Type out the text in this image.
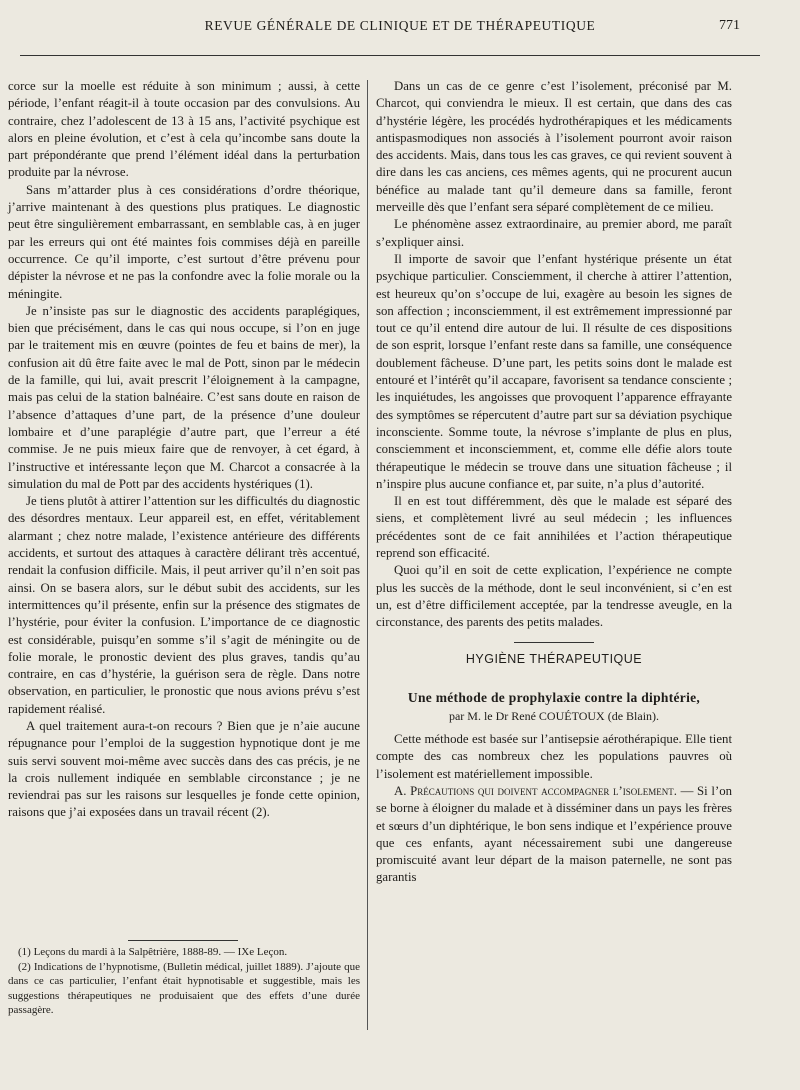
REVUE GÉNÉRALE DE CLINIQUE ET DE THÉRAPEUTIQUE	771

corce sur la moelle est réduite à son minimum ; aussi, à cette période, l’enfant réagit-il à toute occasion par des convulsions. Au contraire, chez l’adolescent de 13 à 15 ans, l’activité psychique est alors en pleine évolution, et c’est à cela qu’incombe sans doute la part prépondérante que prend l’élément idéal dans la perturbation produite par la névrose.

Sans m’attarder plus à ces considérations d’ordre théorique, j’arrive maintenant à des questions plus pratiques. Le diagnostic peut être singulièrement embarrassant, en semblable cas, à en juger par les erreurs qui ont été maintes fois commises déjà en pareille occurrence. Ce qu’il importe, c’est surtout d’être prévenu pour dépister la névrose et ne pas la confondre avec la folie morale ou la méningite.

Je n’insiste pas sur le diagnostic des accidents paraplégiques, bien que précisément, dans le cas qui nous occupe, si l’on en juge par le traitement mis en œuvre (pointes de feu et bains de mer), la confusion ait dû être faite avec le mal de Pott, sinon par le médecin de la famille, qui lui, avait prescrit l’éloignement à la campagne, mais pas celui de la station balnéaire. C’est sans doute en raison de l’absence d’attaques d’une part, de la présence d’une douleur lombaire et d’une paraplégie d’autre part, que l’erreur a été commise. Je ne puis mieux faire que de renvoyer, à cet égard, à l’instructive et intéressante leçon que M. Charcot a consacrée à la simulation du mal de Pott par des accidents hystériques (1).

Je tiens plutôt à attirer l’attention sur les difficultés du diagnostic des désordres mentaux. Leur appareil est, en effet, véritablement alarmant ; chez notre malade, l’existence antérieure des différents accidents, et surtout des attaques à caractère délirant très accentué, rendait la confusion difficile. Mais, il peut arriver qu’il n’en soit pas ainsi. On se basera alors, sur le début subit des accidents, sur les intermittences qu’il présente, enfin sur la présence des stigmates de l’hystérie, pour éviter la confusion. L’importance de ce diagnostic est considérable, puisqu’en somme s’il s’agit de méningite ou de folie morale, le pronostic devient des plus graves, tandis qu’au contraire, en cas d’hystérie, la guérison sera de règle. Dans notre observation, en particulier, le pronostic que nous avions prévu s’est rapidement réalisé.

A quel traitement aura-t-on recours ? Bien que je n’aie aucune répugnance pour l’emploi de la suggestion hypnotique dont je me suis servi souvent moi-même avec succès dans des cas précis, je ne la crois nullement indiquée en semblable circonstance ; je ne reviendrai pas sur les raisons sur lesquelles je fonde cette opinion, raisons que j’ai exposées dans un travail récent (2).

(1) Leçons du mardi à la Salpêtrière, 1888-89. — IXe Leçon.

(2) Indications de l’hypnotisme, (Bulletin médical, juillet 1889). J’ajoute que dans ce cas particulier, l’enfant était hypnotisable et suggestible, mais les suggestions thérapeutiques ne produisaient que des effets d’une durée passagère.

Dans un cas de ce genre c’est l’isolement, préconisé par M. Charcot, qui conviendra le mieux. Il est certain, que dans des cas d’hystérie légère, les procédés hydrothérapiques et les médicaments antispasmodiques non associés à l’isolement pourront avoir raison des accidents. Mais, dans tous les cas graves, ce qui revient souvent à dire dans les cas anciens, ces mêmes agents, qui ne procurent aucun bénéfice au malade tant qu’il demeure dans sa famille, feront merveille dès que l’enfant sera séparé complètement de ce milieu.

Le phénomène assez extraordinaire, au premier abord, me paraît s’expliquer ainsi.

Il importe de savoir que l’enfant hystérique présente un état psychique particulier. Consciemment, il cherche à attirer l’attention, est heureux qu’on s’occupe de lui, exagère au besoin les signes de son affection ; inconsciemment, il est extrêmement impressionné par tout ce qu’il entend dire autour de lui. Il résulte de ces dispositions de son esprit, lorsque l’enfant reste dans sa famille, une conséquence doublement fâcheuse. D’une part, les petits soins dont le malade est entouré et l’intérêt qu’il accapare, favorisent sa tendance consciente ; les inquiétudes, les angoisses que provoquent l’apparence effrayante des symptômes se répercutent d’autre part sur sa déviation psychique inconsciente. Somme toute, la névrose s’implante de plus en plus, consciemment et inconsciemment, et, comme elle défie alors toute thérapeutique le médecin se trouve dans une situation fâcheuse ; il n’inspire plus aucune confiance et, par suite, n’a plus d’autorité.

Il en est tout différemment, dès que le malade est séparé des siens, et complètement livré au seul médecin ; les influences précédentes sont de ce fait annihilées et l’action thérapeutique reprend son efficacité.

Quoi qu’il en soit de cette explication, l’expérience ne compte plus les succès de la méthode, dont le seul inconvénient, si c’en est un, est d’être difficilement acceptée, par la tendresse aveugle, en la circonstance, des parents des petits malades.

HYGIÈNE THÉRAPEUTIQUE
Une méthode de prophylaxie contre la diphtérie,
par M. le Dr René COUÉTOUX (de Blain).

Cette méthode est basée sur l’antisepsie aérothérapique. Elle tient compte des cas nombreux chez les populations pauvres où l’isolement est matériellement impossible.

A. Précautions qui doivent accompagner l’isolement. — Si l’on se borne à éloigner du malade et à disséminer dans un pays les frères et sœurs d’un diphtérique, le bon sens indique et l’expérience prouve que ces enfants, ayant nécessairement subi une dangereuse promiscuité avant leur départ de la maison paternelle, ne sont pas garantis
